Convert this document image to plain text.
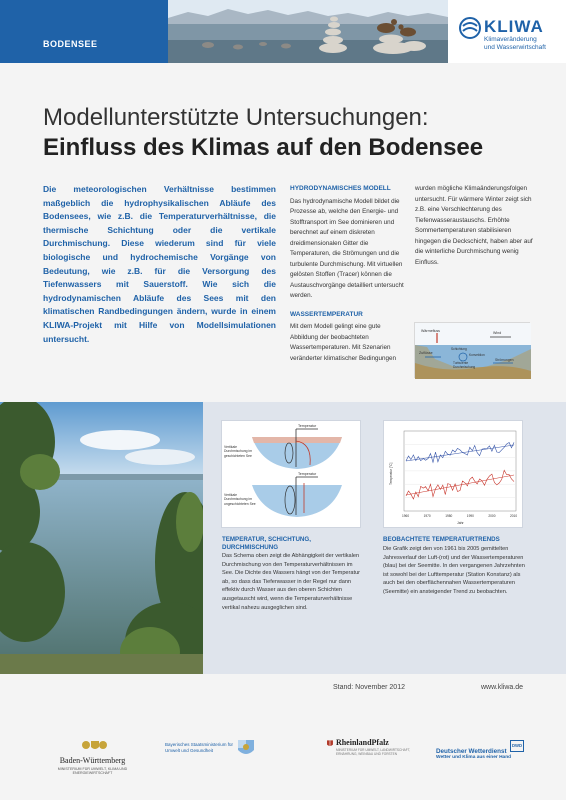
BODENSEE
KLIWA
Klimaveränderung
und Wasserwirtschaft
Modellunterstützte Untersuchungen:
Einfluss des Klimas auf den Bodensee

Die meteorologischen Verhältnisse bestimmen maßgeblich die hydrophysikalischen Abläufe des Bodensees, wie z.B. die Temperaturverhältnisse, die thermische Schichtung oder die vertikale Durchmischung. Diese wiederum sind für viele biologische und hydrochemische Vorgänge von Bedeutung, wie z.B. für die Versorgung des Tiefenwassers mit Sauerstoff. Wie sich die hydrodynamischen Abläufe des Sees mit den klimatischen Randbedingungen ändern, wurde in einem KLIWA-Projekt mit Hilfe von Modellsimulationen untersucht.

HYDRODYNAMISCHES MODELL

Das hydrodynamische Modell bildet die Prozesse ab, welche den Energie- und Stofftransport im See dominieren und berechnet auf einem diskreten dreidimensionalen Gitter die Temperaturen, die Strömungen und die turbulente Durchmischung. Mit virtuellen gelösten Stoffen (Tracer) können die Austauschvorgänge detailliert untersucht werden.

WASSERTEMPERATUR

Mit dem Modell gelingt eine gute Abbildung der beobachteten Wassertemperaturen. Mit Szenarien veränderter klimatischer Bedingungen

wurden mögliche Klimaänderungsfolgen untersucht. Für wärmere Winter zeigt sich z.B. eine Verschlechterung des Tiefenwasseraustauschs. Erhöhte Sommertemperaturen stabilisieren hingegen die Deckschicht, haben aber auf die winterliche Durchmischung wenig Einfluss.

Wärmefluss	Wind
Zuflüsse
Schichtung
Konvektion
Turbulente
Durchmischung
Strömungen
Temperatur
Temperatur
Vertikale Durchmischung im geschichteten See
Vertikale Durchmischung im ungeschichteten See
Temperatur [°C]
Jahr
1960	1970	1980	1990	2000	2010
TEMPERATUR, SCHICHTUNG, DURCHMISCHUNG

Das Schema oben zeigt die Abhängigkeit der vertikalen Durchmischung von den Temperaturverhältnissen im See. Die Dichte des Wassers hängt von der Temperatur ab, so dass das Tiefenwasser in der Regel nur dann effektiv durch Wasser aus den oberen Schichten ausgetauscht wird, wenn die Temperaturverhältnisse vertikal nahezu ausgeglichen sind.

BEOBACHTETE TEMPERATURTRENDS

Die Grafik zeigt den von 1961 bis 2005 gemittelten Jahresverlauf der Luft-(rot) und der Wassertemperaturen (blau) bei der Seemitte. In den vergangenen Jahrzehnten ist sowohl bei der Lufttemperatur (Station Konstanz) als auch bei den oberflächennahen Wassertemperaturen (Seemitte) ein ansteigender Trend zu beobachten.

Stand: November 2012	www.kliwa.de
Baden-Württemberg
MINISTERIUM FÜR UMWELT, KLIMA UND ENERGIEWIRTSCHAFT
Bayerisches Staatsministerium für
Umwelt und Gesundheit
RheinlandPfalz
MINISTERIUM FÜR UMWELT, LANDWIRTSCHAFT, ERNÄHRUNG, WEINBAU UND FORSTEN
DWD
Deutscher Wetterdienst
Wetter und Klima aus einer Hand
